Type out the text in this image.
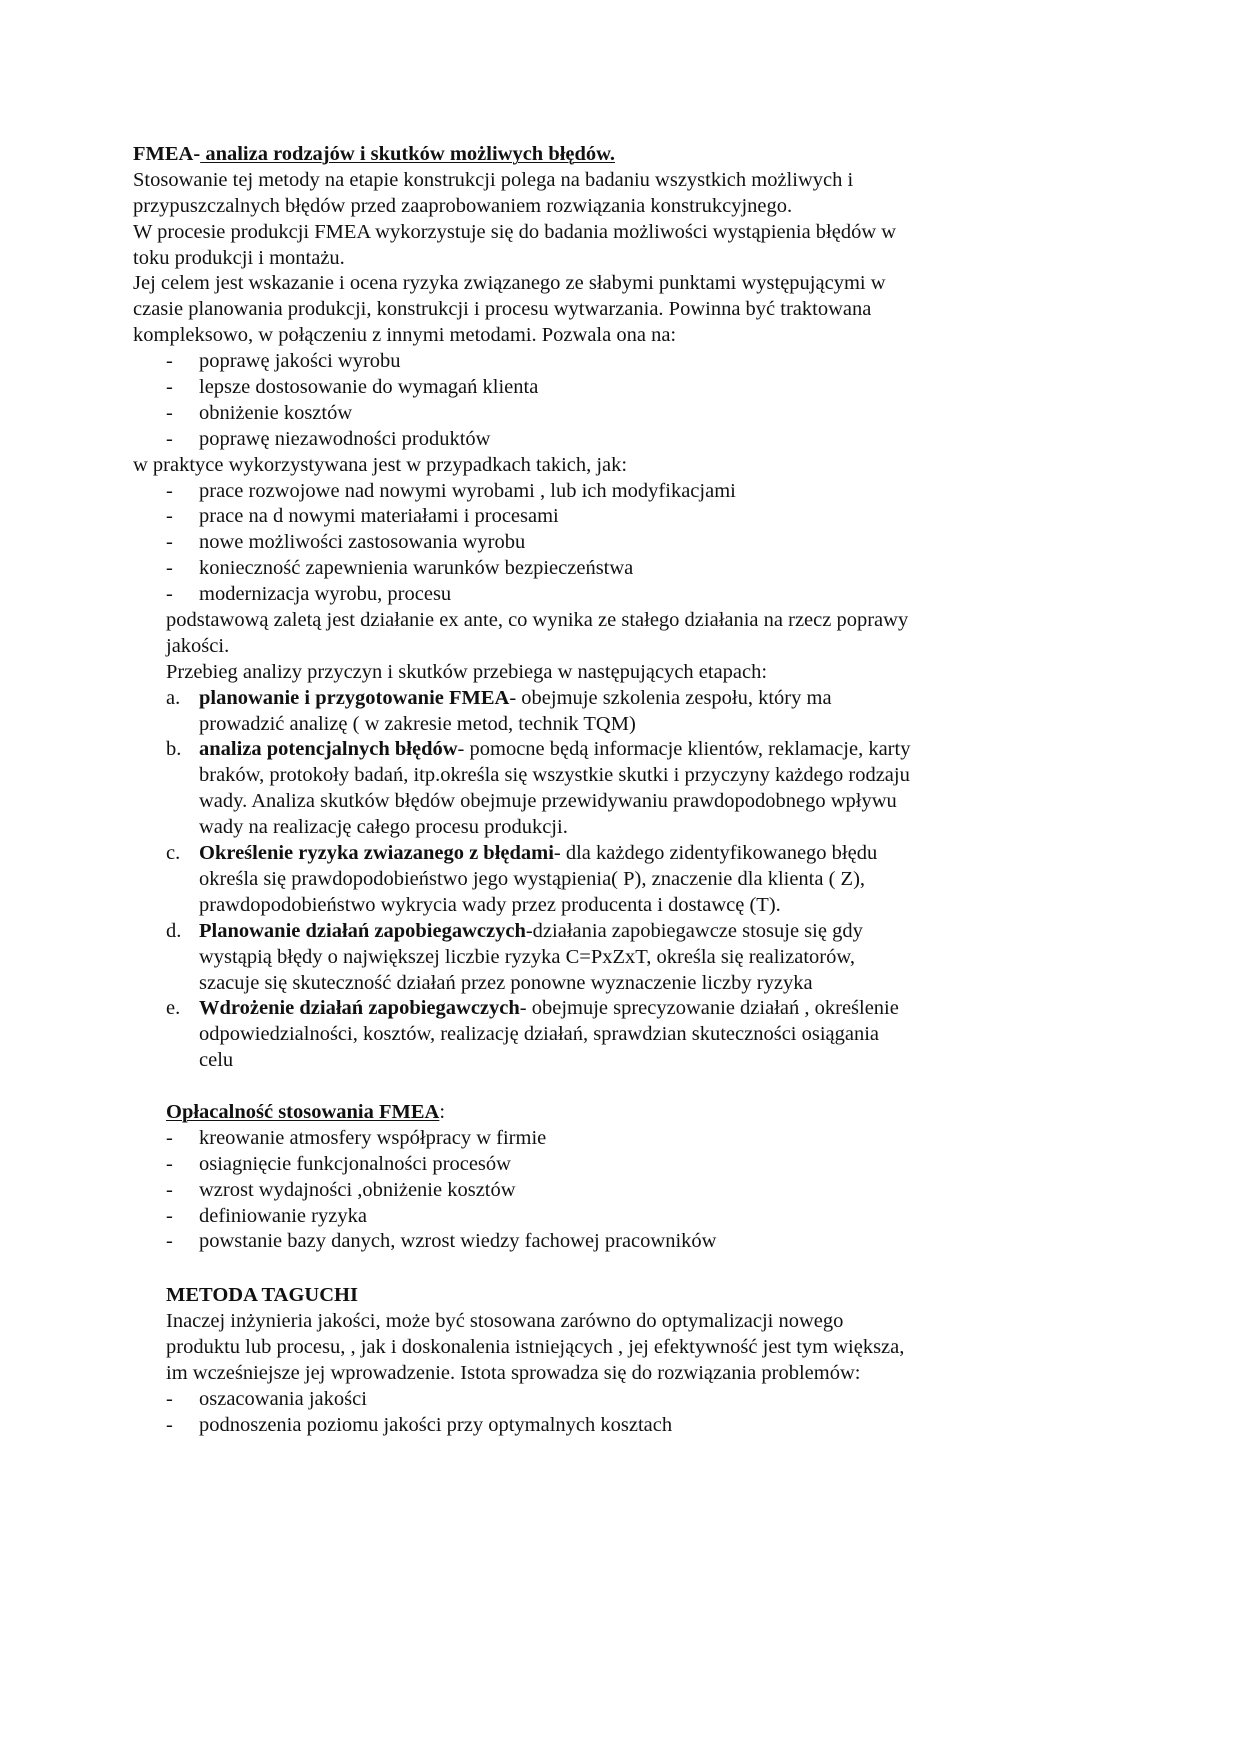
FMEA- analiza rodzajów i skutków możliwych błędów.
Stosowanie tej metody na etapie konstrukcji polega na badaniu wszystkich możliwych i
przypuszczalnych błędów przed zaaprobowaniem rozwiązania konstrukcyjnego.
W procesie produkcji FMEA wykorzystuje się do badania możliwości wystąpienia błędów w
toku produkcji i montażu.
Jej celem jest wskazanie i ocena ryzyka związanego ze słabymi punktami występującymi w
czasie planowania produkcji, konstrukcji i procesu wytwarzania. Powinna być traktowana
kompleksowo, w połączeniu z innymi metodami. Pozwala ona na:
- poprawę jakości wyrobu
- lepsze dostosowanie do wymagań klienta
- obniżenie kosztów
- poprawę niezawodności produktów
w praktyce wykorzystywana jest w przypadkach takich, jak:
- prace rozwojowe nad nowymi wyrobami , lub ich modyfikacjami
- prace na d nowymi materiałami i procesami
- nowe możliwości zastosowania wyrobu
- konieczność zapewnienia warunków bezpieczeństwa
- modernizacja wyrobu, procesu
podstawową zaletą jest działanie ex ante, co wynika ze stałego działania na rzecz poprawy
jakości.
Przebieg analizy przyczyn i skutków przebiega w następujących etapach:
a. planowanie i przygotowanie FMEA- obejmuje szkolenia zespołu, który ma
prowadzić analizę ( w zakresie metod, technik TQM)
b. analiza potencjalnych błędów- pomocne będą informacje klientów, reklamacje, karty
braków, protokoły badań, itp.określa się wszystkie skutki i przyczyny każdego rodzaju
wady. Analiza skutków błędów obejmuje przewidywaniu prawdopodobnego wpływu
wady na realizację całego procesu produkcji.
c. Określenie ryzyka zwiazanego z błędami- dla każdego zidentyfikowanego błędu
określa się prawdopodobieństwo jego wystąpienia( P), znaczenie dla klienta ( Z),
prawdopodobieństwo wykrycia wady przez producenta i dostawcę (T).
d. Planowanie działań zapobiegawczych-działania zapobiegawcze stosuje się gdy
wystąpią błędy o największej liczbie ryzyka C=PxZxT, określa się realizatorów,
szacuje się skuteczność działań przez ponowne wyznaczenie liczby ryzyka
e. Wdrożenie działań zapobiegawczych- obejmuje sprecyzowanie działań , określenie
odpowiedzialności, kosztów, realizację działań, sprawdzian skuteczności osiągania
celu
Opłacalność stosowania FMEA:
- kreowanie atmosfery współpracy w firmie
- osiagnięcie funkcjonalności procesów
- wzrost wydajności ,obniżenie kosztów
- definiowanie ryzyka
- powstanie bazy danych, wzrost wiedzy fachowej pracowników
METODA TAGUCHI
Inaczej inżynieria jakości, może być stosowana zarówno do optymalizacji nowego
produktu lub procesu, , jak i doskonalenia istniejących , jej efektywność jest tym większa,
im wcześniejsze jej wprowadzenie. Istota sprowadza się do rozwiązania problemów:
- oszacowania jakości
- podnoszenia poziomu jakości przy optymalnych kosztach
